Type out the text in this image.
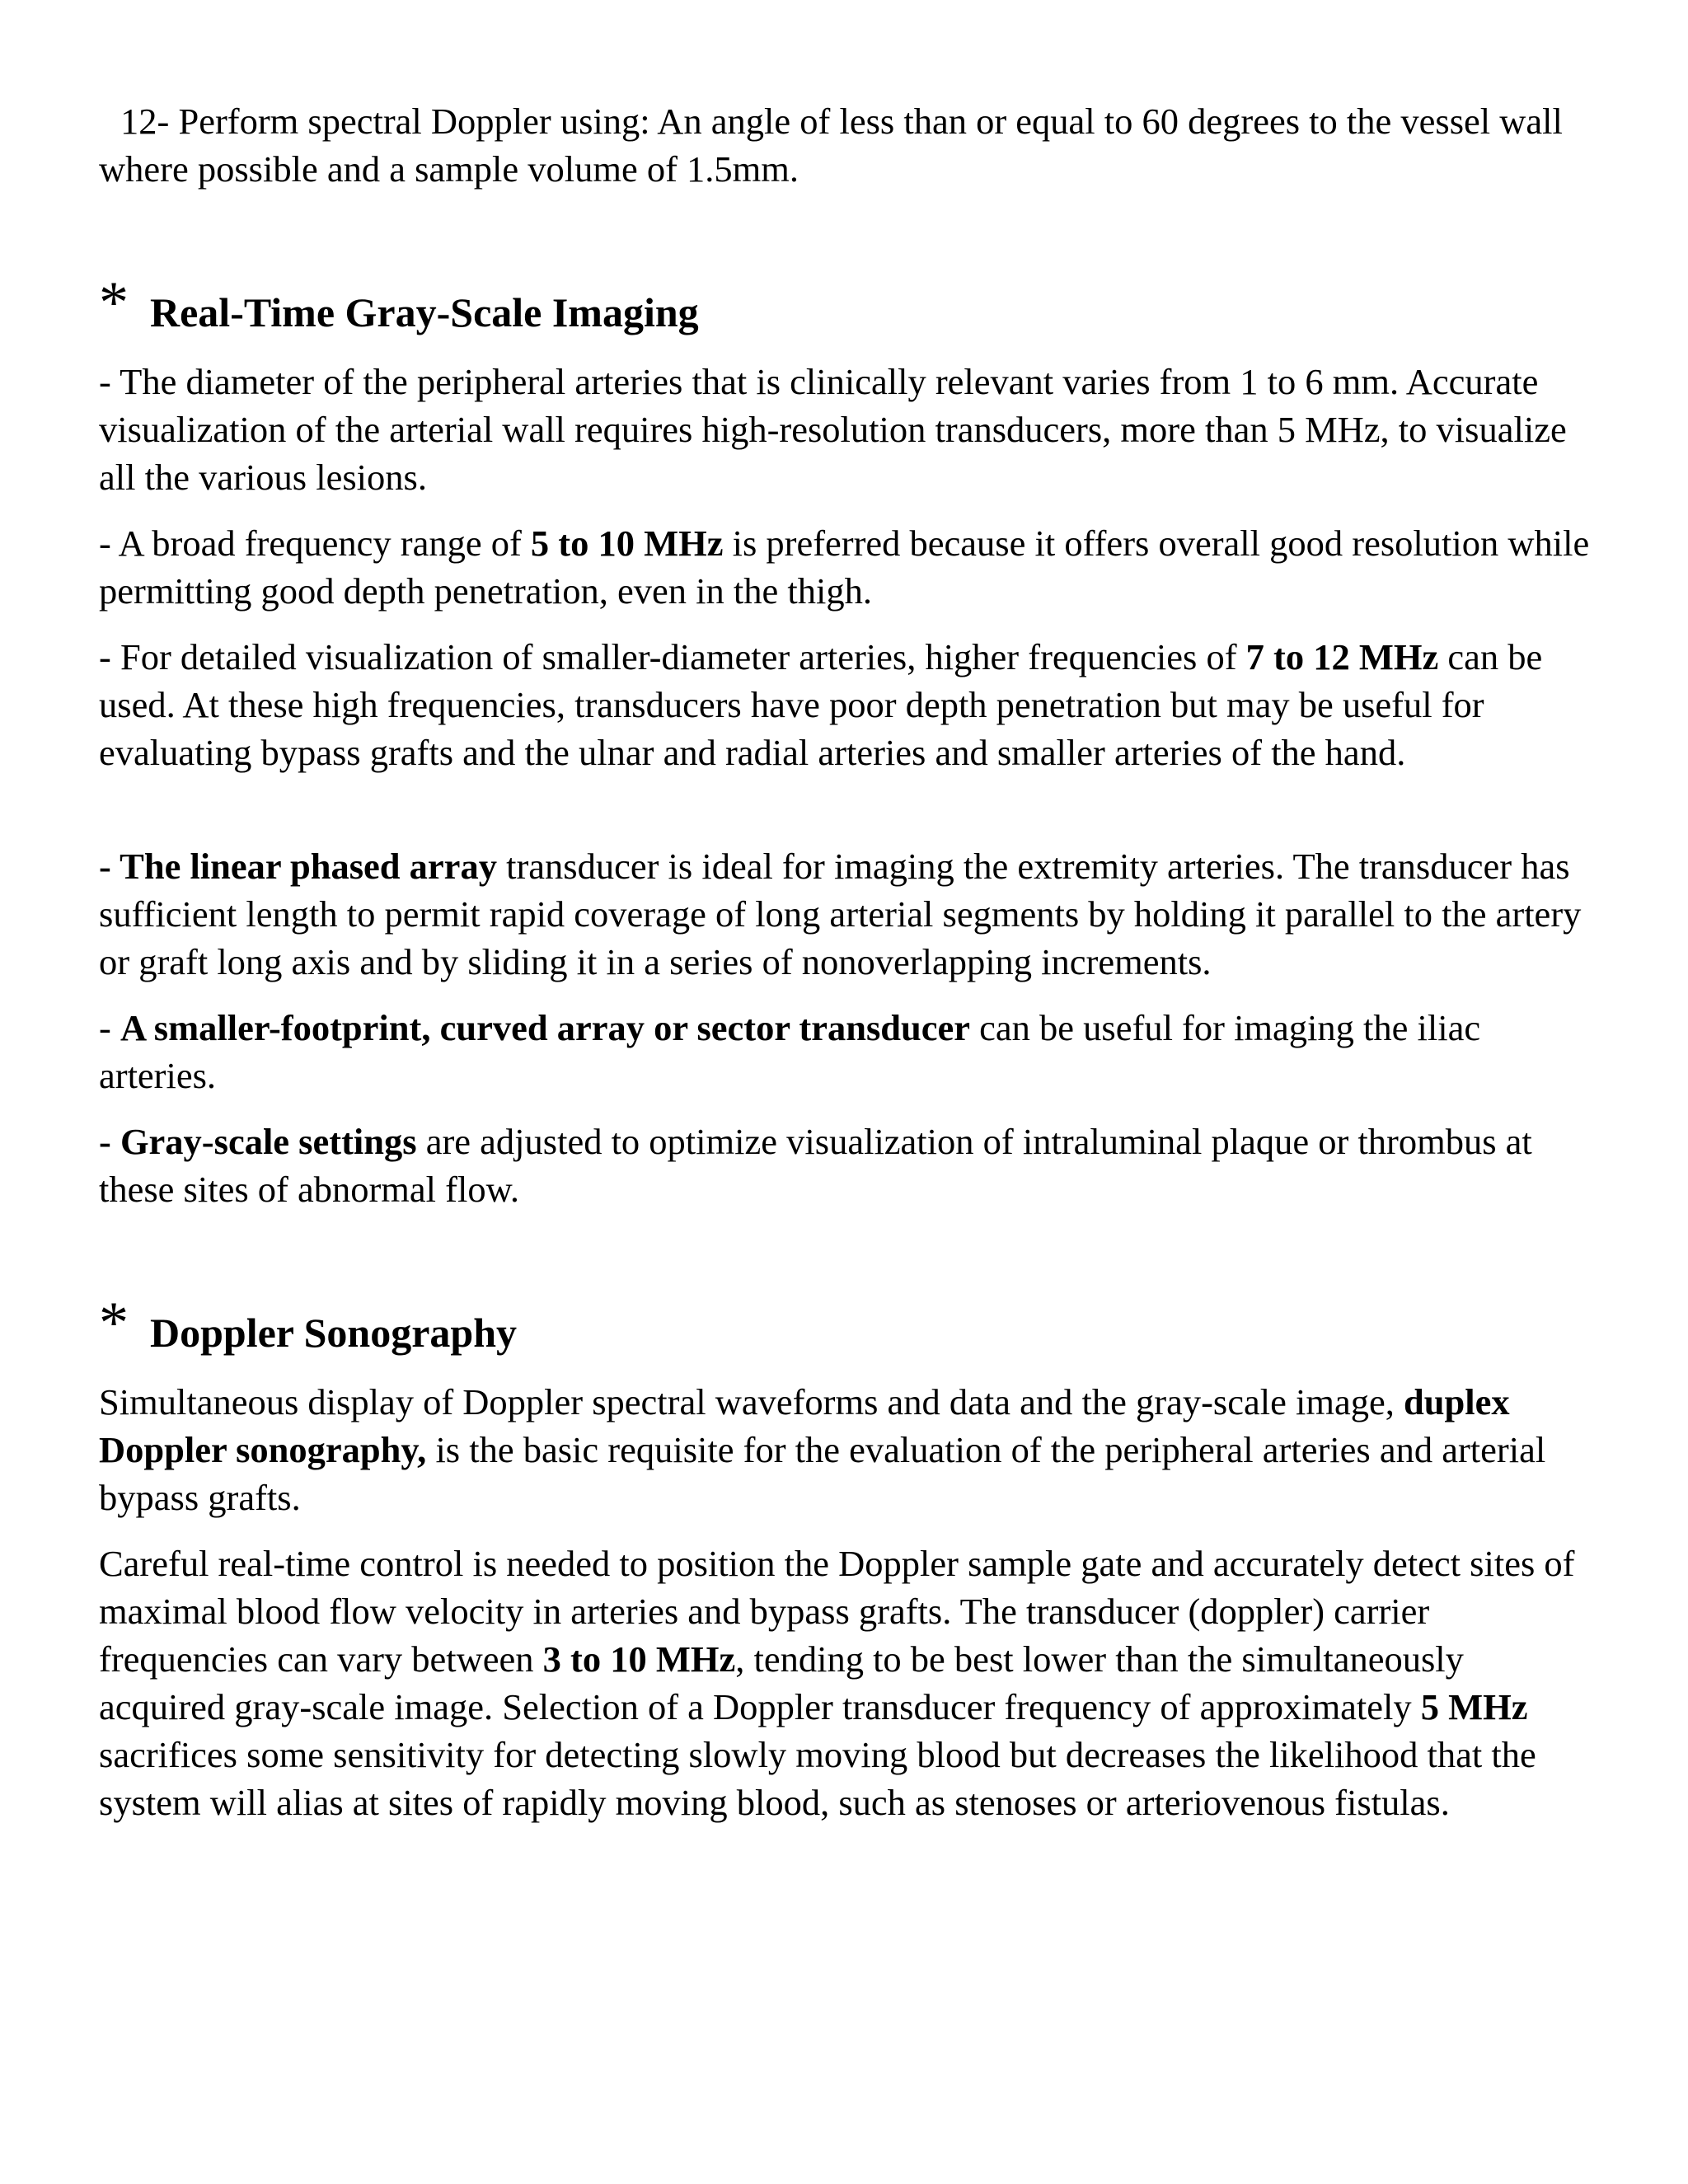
12- Perform spectral Doppler using: An angle of less than or equal to 60 degrees to the vessel wall where possible and a sample volume of 1.5mm.

* Real-Time Gray-Scale Imaging

- The diameter of the peripheral arteries that is clinically relevant varies from 1 to 6 mm. Accurate visualization of the arterial wall requires high-resolution transducers, more than 5 MHz, to visualize all the various lesions.

- A broad frequency range of 5 to 10 MHz is preferred because it offers overall good resolution while permitting good depth penetration, even in the thigh.

- For detailed visualization of smaller-diameter arteries, higher frequencies of 7 to 12 MHz can be used. At these high frequencies, transducers have poor depth penetration but may be useful for evaluating bypass grafts and the ulnar and radial arteries and smaller arteries of the hand.

- The linear phased array transducer is ideal for imaging the extremity arteries. The transducer has sufficient length to permit rapid coverage of long arterial segments by holding it parallel to the artery or graft long axis and by sliding it in a series of nonoverlapping increments.

- A smaller-footprint, curved array or sector transducer can be useful for imaging the iliac arteries.

- Gray-scale settings are adjusted to optimize visualization of intraluminal plaque or thrombus at these sites of abnormal flow.

* Doppler Sonography

Simultaneous display of Doppler spectral waveforms and data and the gray-scale image, duplex Doppler sonography, is the basic requisite for the evaluation of the peripheral arteries and arterial bypass grafts.

Careful real-time control is needed to position the Doppler sample gate and accurately detect sites of maximal blood flow velocity in arteries and bypass grafts. The transducer (doppler) carrier frequencies can vary between 3 to 10 MHz, tending to be best lower than the simultaneously acquired gray-scale image. Selection of a Doppler transducer frequency of approximately 5 MHz sacrifices some sensitivity for detecting slowly moving blood but decreases the likelihood that the system will alias at sites of rapidly moving blood, such as stenoses or arteriovenous fistulas.
